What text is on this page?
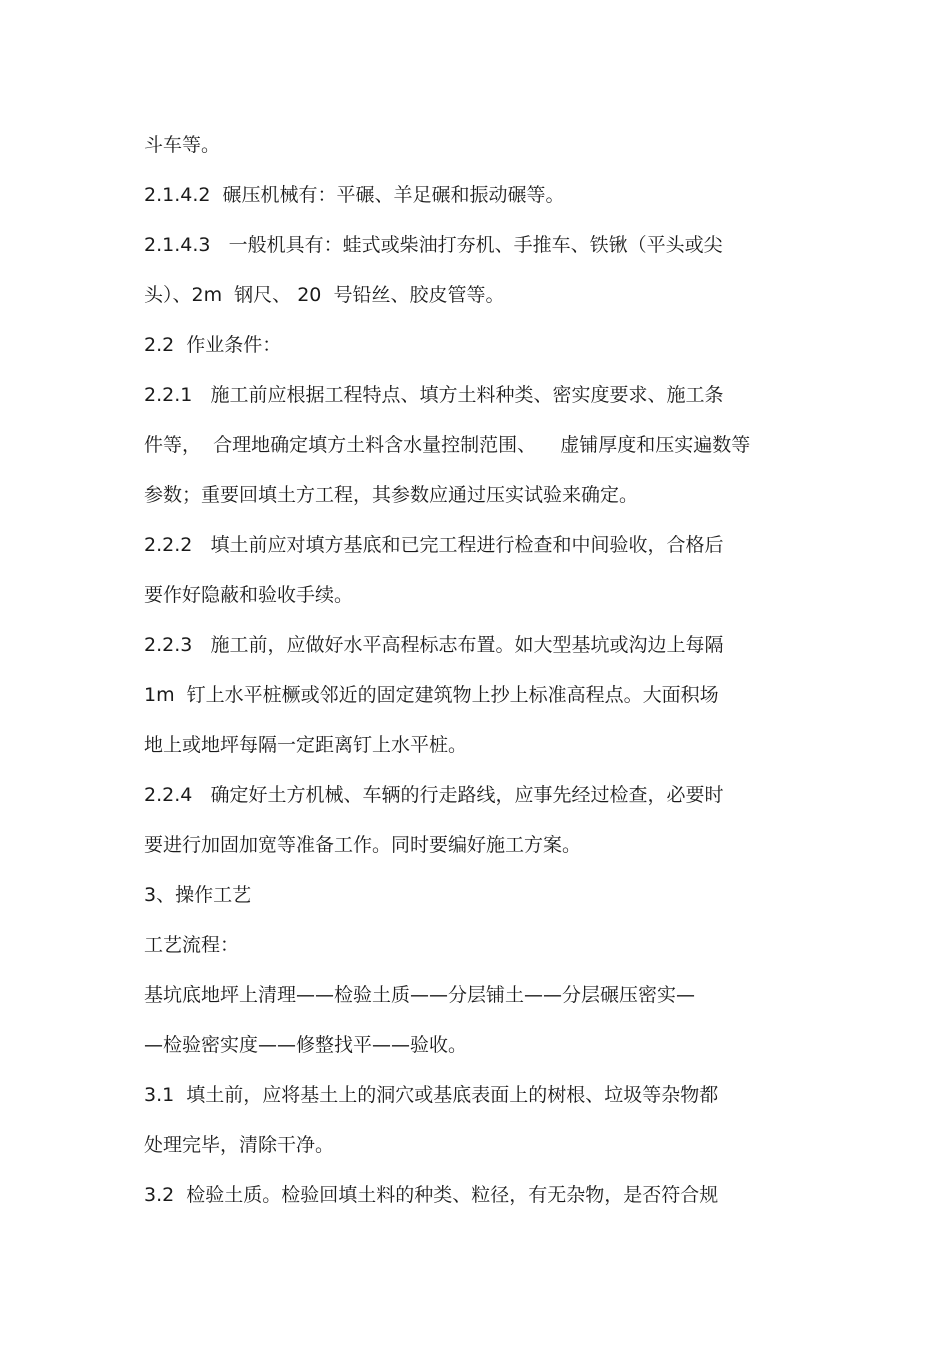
斗车等。

2.1.4.2  碾压机械有：平碾、羊足碾和振动碾等。

2.1.4.3   一般机具有：蛙式或柴油打夯机、手推车、铁锹（平头或尖

头）、2m  钢尺、 20  号铅丝、胶皮管等。

2.2  作业条件：

2.2.1   施工前应根据工程特点、填方土料种类、密实度要求、施工条

件等，  合理地确定填方土料含水量控制范围、    虚铺厚度和压实遍数等

参数；重要回填土方工程，其参数应通过压实试验来确定。

2.2.2   填土前应对填方基底和已完工程进行检查和中间验收，合格后

要作好隐蔽和验收手续。

2.2.3   施工前，应做好水平高程标志布置。如大型基坑或沟边上每隔

1m  钉上水平桩橛或邻近的固定建筑物上抄上标准高程点。大面积场

地上或地坪每隔一定距离钉上水平桩。

2.2.4   确定好土方机械、车辆的行走路线，应事先经过检查，必要时

要进行加固加宽等准备工作。同时要编好施工方案。

3、操作工艺

工艺流程：

基坑底地坪上清理——检验土质——分层铺土——分层碾压密实—

—检验密实度——修整找平——验收。

3.1  填土前，应将基土上的洞穴或基底表面上的树根、垃圾等杂物都

处理完毕，清除干净。

3.2  检验土质。检验回填土料的种类、粒径，有无杂物，是否符合规
